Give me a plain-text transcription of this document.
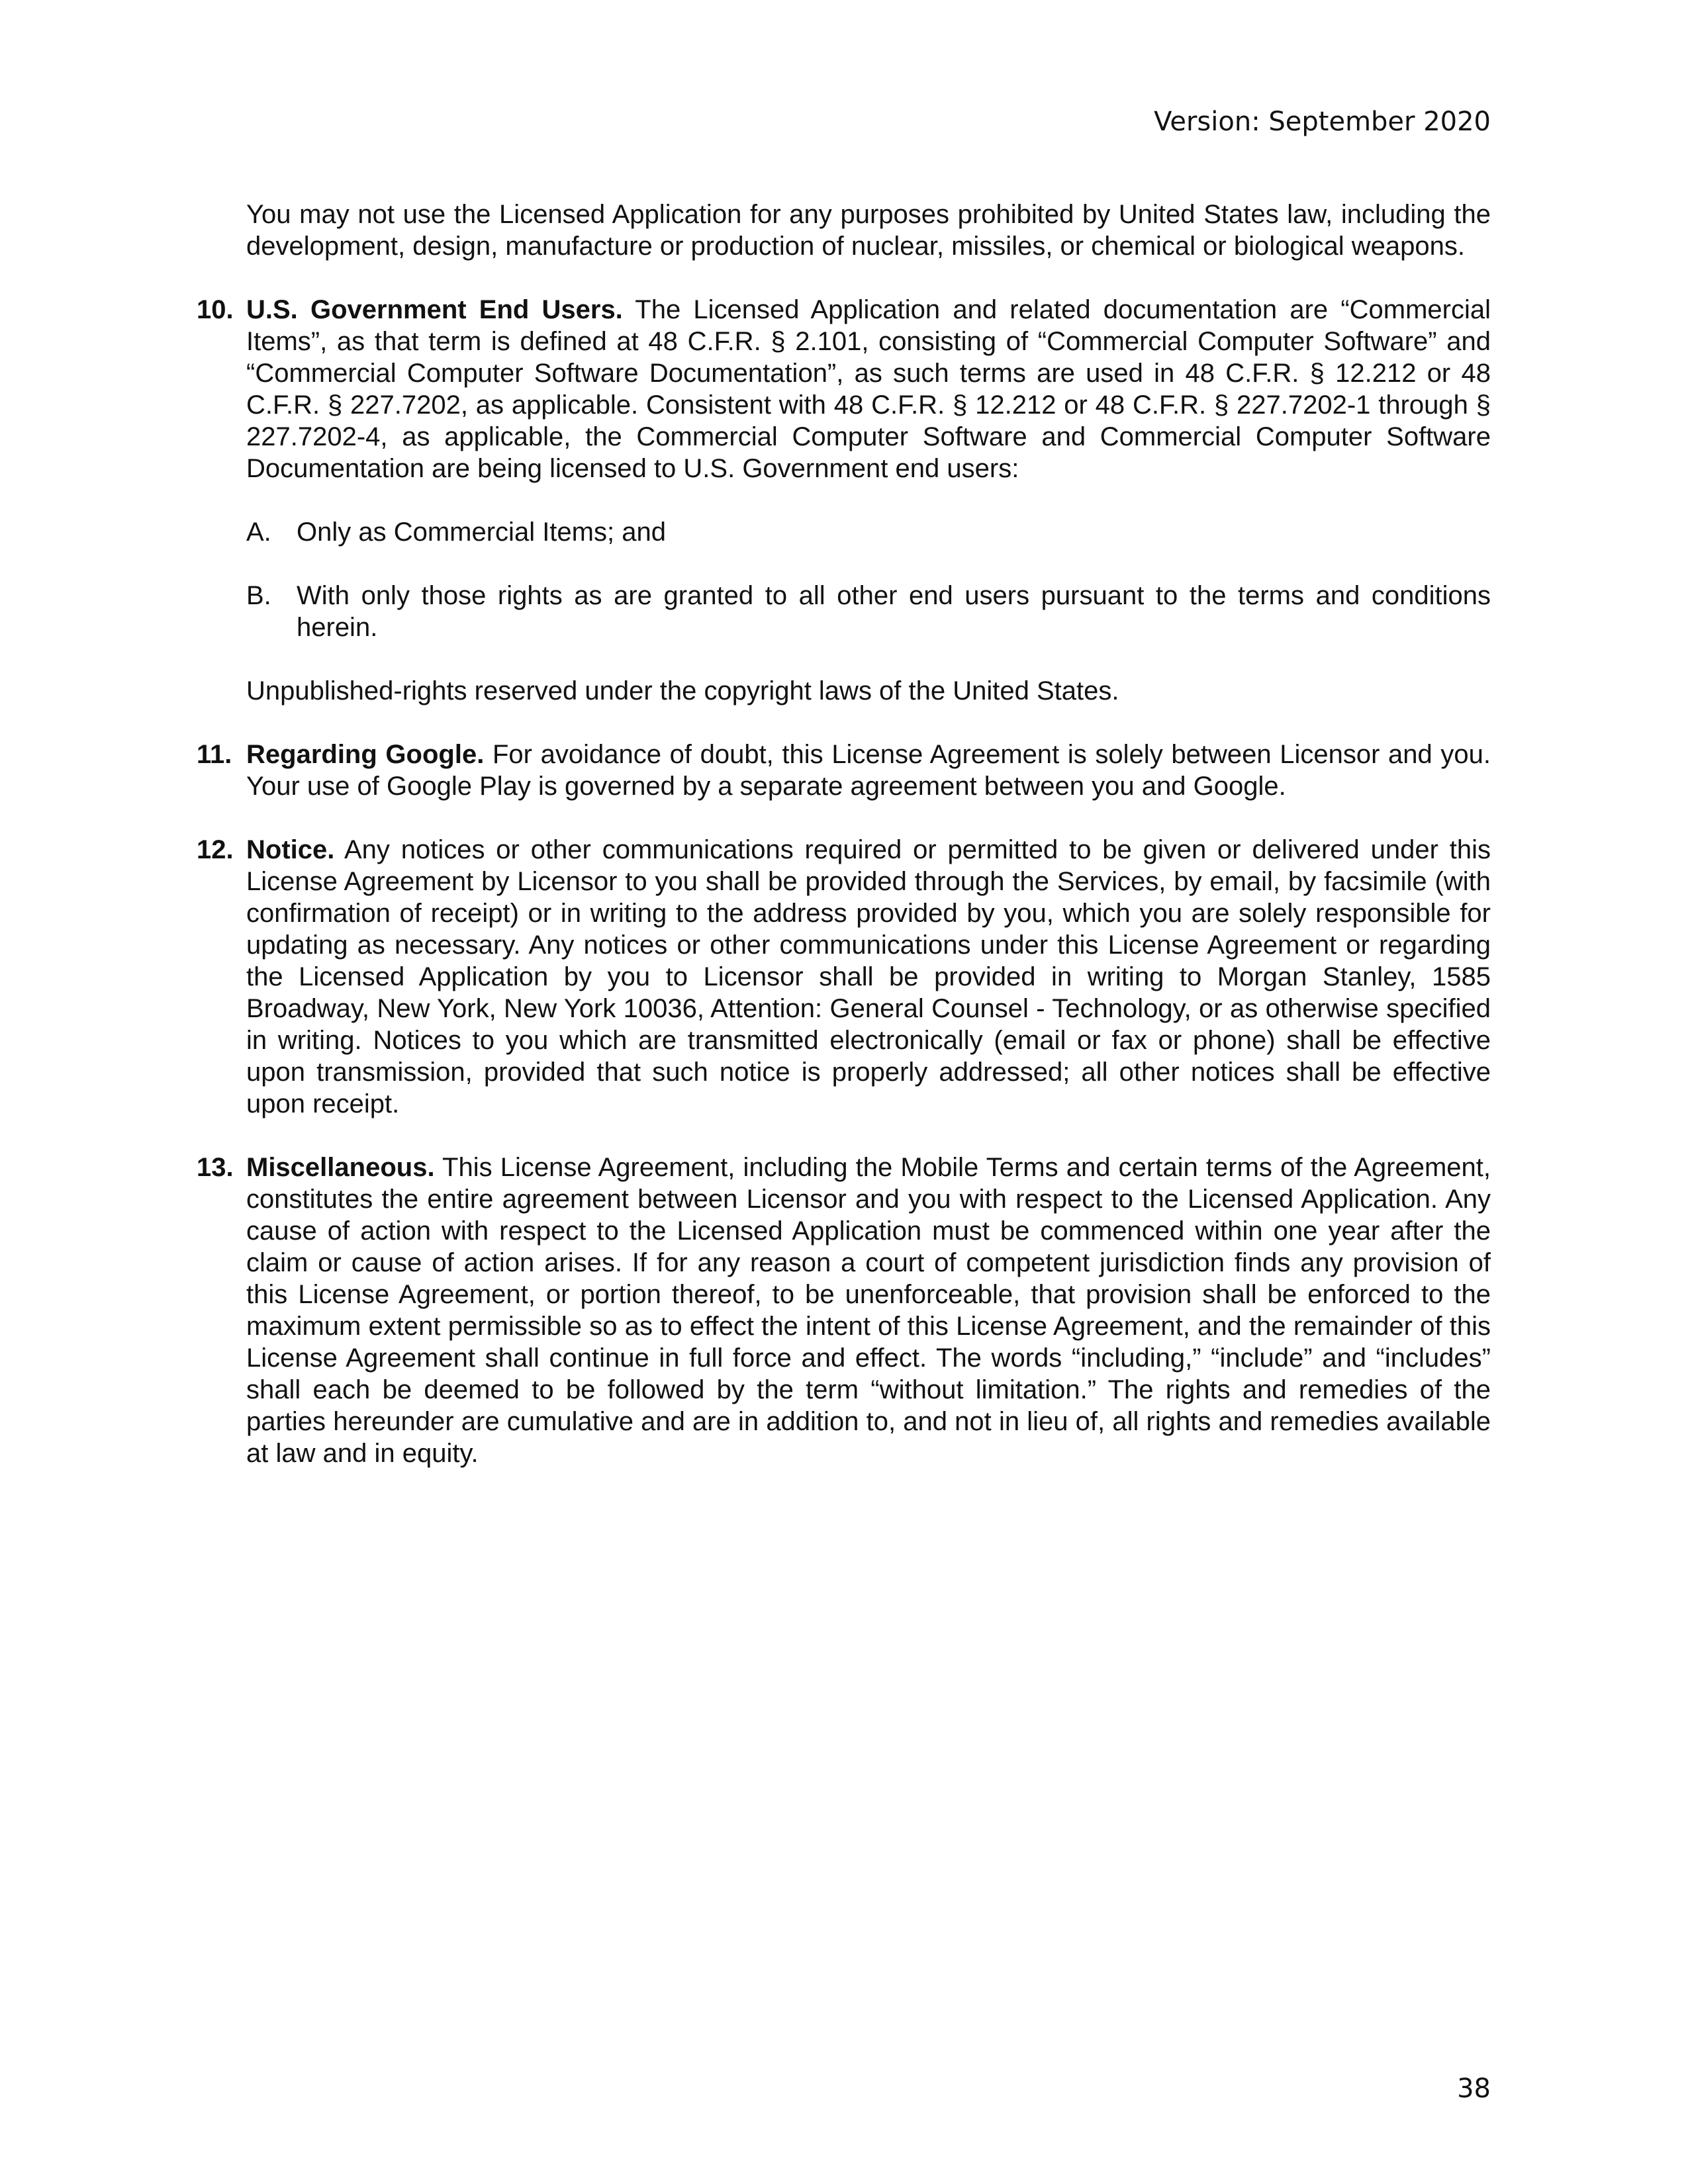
Version: September 2020

You may not use the Licensed Application for any purposes prohibited by United States law, including the development, design, manufacture or production of nuclear, missiles, or chemical or biological weapons.

10. U.S. Government End Users. The Licensed Application and related documentation are “Commercial Items”, as that term is defined at 48 C.F.R. § 2.101, consisting of “Commercial Computer Software” and “Commercial Computer Software Documentation”, as such terms are used in 48 C.F.R. § 12.212 or 48 C.F.R. § 227.7202, as applicable. Consistent with 48 C.F.R. § 12.212 or 48 C.F.R. § 227.7202-1 through § 227.7202-4, as applicable, the Commercial Computer Software and Commercial Computer Software Documentation are being licensed to U.S. Government end users:

A. Only as Commercial Items; and
B. With only those rights as are granted to all other end users pursuant to the terms and conditions herein.

Unpublished-rights reserved under the copyright laws of the United States.

11. Regarding Google. For avoidance of doubt, this License Agreement is solely between Licensor and you. Your use of Google Play is governed by a separate agreement between you and Google.

12. Notice. Any notices or other communications required or permitted to be given or delivered under this License Agreement by Licensor to you shall be provided through the Services, by email, by facsimile (with confirmation of receipt) or in writing to the address provided by you, which you are solely responsible for updating as necessary. Any notices or other communications under this License Agreement or regarding the Licensed Application by you to Licensor shall be provided in writing to Morgan Stanley, 1585 Broadway, New York, New York 10036, Attention: General Counsel - Technology, or as otherwise specified in writing. Notices to you which are transmitted electronically (email or fax or phone) shall be effective upon transmission, provided that such notice is properly addressed; all other notices shall be effective upon receipt.

13. Miscellaneous. This License Agreement, including the Mobile Terms and certain terms of the Agreement, constitutes the entire agreement between Licensor and you with respect to the Licensed Application. Any cause of action with respect to the Licensed Application must be commenced within one year after the claim or cause of action arises. If for any reason a court of competent jurisdiction finds any provision of this License Agreement, or portion thereof, to be unenforceable, that provision shall be enforced to the maximum extent permissible so as to effect the intent of this License Agreement, and the remainder of this License Agreement shall continue in full force and effect. The words “including,” “include” and “includes” shall each be deemed to be followed by the term “without limitation.” The rights and remedies of the parties hereunder are cumulative and are in addition to, and not in lieu of, all rights and remedies available at law and in equity.

38
